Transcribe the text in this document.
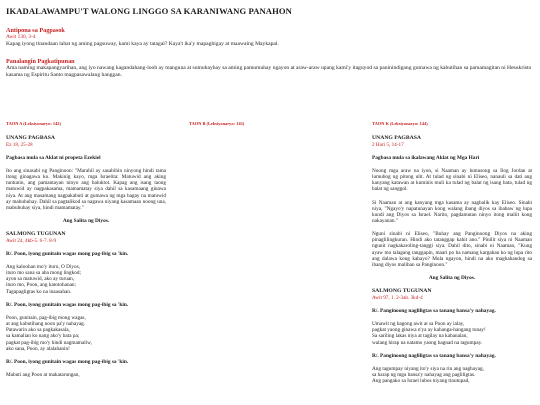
IKADALAWAMPU'T WALONG LINGGO SA KARANIWANG PANAHON
Antipona sa Pagpasok
Awit 130, 3-4
Kapag iyong tinandaan lahat ng aming pagsuway, kami kaya ay tatagal? Kaya't ika'y mapagbigay at maawaing Maykapal.
Panalangin Pagkatipunan
Ama naming makapangyarihan, ang iyo nawang kagandahang-loob ay manguna at sumubaybay sa aming pamumuhay ngayon at araw-araw upang kami'y itaguyod sa paninindigang gumawa ng kabutihan sa pamamagitan ni Hesukristo kasama ng Espiritu Santo magpasawalang hanggan.
TAON A (Leksiyonaryo: 142)
UNANG PAGBASA
Ez 18, 25-28
Pagbasa mula sa Aklat ni propeta Ezekiel

Ito ang sinasabi ng Panginoon: "Marahil ay sasabihin ninyong hindi tama itong ginagawa ko. Makinig kayo, mga Israelita: Matuwid ang aking tuntunin, ang pamantayan ninyo ang baluktot. Kapag ang isang taong matuwid ay nagpakasama, mamamatay siya dahil sa kasamaang ginawa niya. At ang masamang nagpakabuti at gumawa ng mga bagay na matuwid ay mabubuhay. Dahil sa pagtalikod sa nagawa niyang kasamaan noong una, mabubuhay siya, hindi mamamatay."

Ang Salita ng Diyos.
SALMONG TUGUNAN
Awit 24, 4kb-5. 6-7. 8-9
R/. Poon, iyong gunitain wagas mong pag-ibig sa 'kin.

Ang kaloohan mo'y ituro, O Diyos,
ituro mo sana sa aba mong lingkod;
ayon sa matuwid, ako ay turuan,
ituro mo, Poon, ang katotohanan;
Tagapagligtas ko na inaasahan.

R/. Poon, iyong gunitain wagas mong pag-ibig sa 'kin.

Poon, gunitain, pag-ibig mong wagas,
at ang kabutihang noon pa'y nahayag.
Patawarin ako sa pagkakasala,
sa kamalian ko nang ako'y bata pa;
pagkat pag-ibig mo'y hindi nagmamaliw,
ako sana, Poon, ay alalahanin!

R/. Poon, iyong gunitain wagas mong pag-ibig sa 'kin.

Mabuti ang Poon at makatarungan,

TAON B (Leksiyonaryo: 143)	TAON K (Leksiyonaryo: 144)
UNANG PAGBASA
2 Hari 5, 14-17
Pagbasa mula sa ikalawang Aklat ng Mga Hari

Noong mga araw na iyon, si Naaman ay lumusong sa Ilog Jordan at lumubog ng pitong ulit. At tulad ng sinabi ni Eliseo, nanauli sa dati ang kanyang katawan at kuminis muli ka tulad ng balat ng isang bata, tulad ng balat ng sanggol.

Si Naaman at ang kanyang mga kasama ay nagbalik kay Eliseo. Sinabi niya, "Ngayo'y napatunayan kong walang ibang diyos sa ibabaw ng lupa kundi ang Diyos sa Israel. Narito, pagdamutan ninyo itong maliit kong nakayanan."

Nguni sinabi ni Eliseo, "Buhay ang Panginoong Diyos na aking pinaglilingkuran. Hindi ako tatanggap kahit ano." Pinilit siya ni Naaman ngunit nagkakaroling-tanggi siya. Dahil dito, sinabi ni Naaman, "Kung ayaw mo talagang tanggapin, maari po ba namang kargahan ko ng lupa rito ang dalawa kong kabayo? Mula ngayon, hindi na ako maghahandog sa ibang diyos maliban sa Panginoon."

Ang Salita ng Diyos.
SALMONG TUGUNAN
Awit 97, 1. 2-3ab. 3kd-4
R/. Panginoong nagliligtas sa tanang bansa'y nahayag.

Umawit ng bagong awit at sa Poon ay ialay,
pagkat yaong ginawa n'ya ay kahanga-hangang tunay!
Sa sariling lakas niya at tagilay na kabanalan,
walang hirap na natamo yaong bagnad na tagumpay.

R/. Panginoong nagliligtas sa tanang bansa'y nahayag.

Ang tagumpay niyang ito'y siya na rin ang naghayag,
sa harap ng mga bansa'y nahayag ang pagliligtas.
Ang pangako sa Israel lubos niyang tinutupad,
